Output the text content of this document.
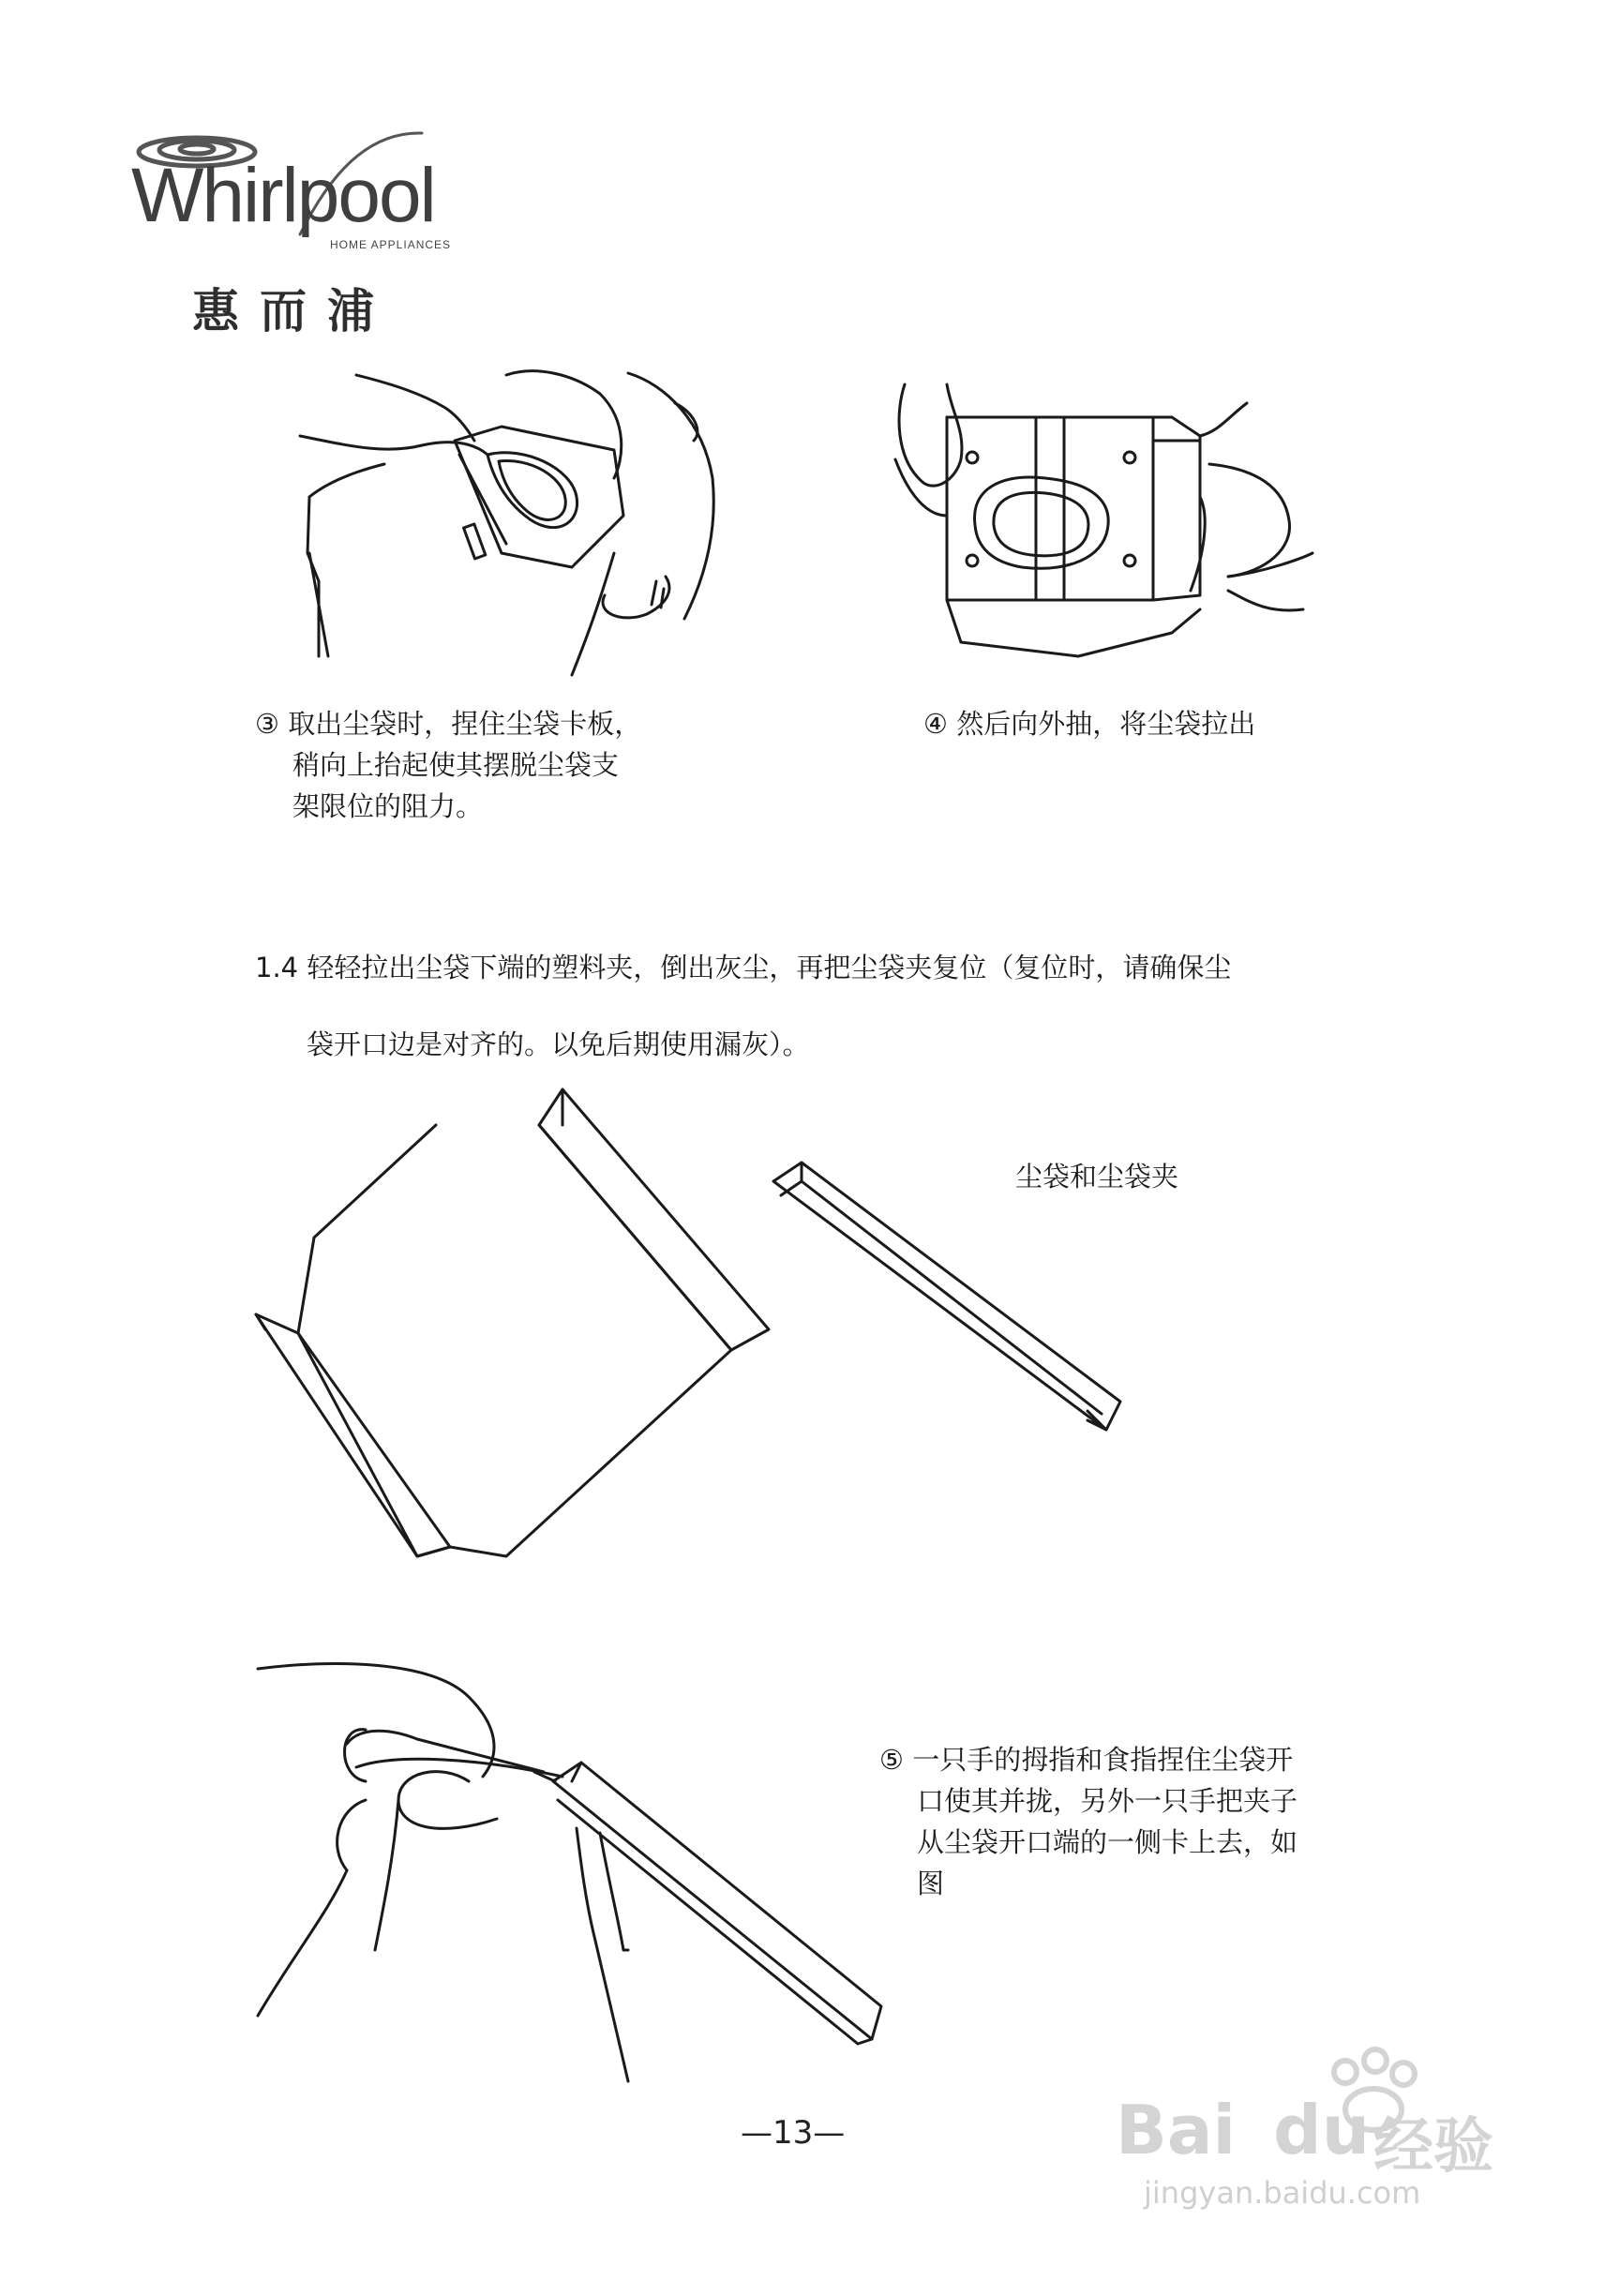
Whirlpool
HOME APPLIANCES
惠而浦
③ 取出尘袋时，捏住尘袋卡板，
稍向上抬起使其摆脱尘袋支
架限位的阻力。
④ 然后向外抽，将尘袋拉出
1.4 轻轻拉出尘袋下端的塑料夹，倒出灰尘，再把尘袋夹复位（复位时，请确保尘
袋开口边是对齐的。以免后期使用漏灰）。
尘袋和尘袋夹
⑤ 一只手的拇指和食指捏住尘袋开
口使其并拢，另外一只手把夹子
从尘袋开口端的一侧卡上去，如
图
—13—	Bai du 经验
jingyan.baidu.com
